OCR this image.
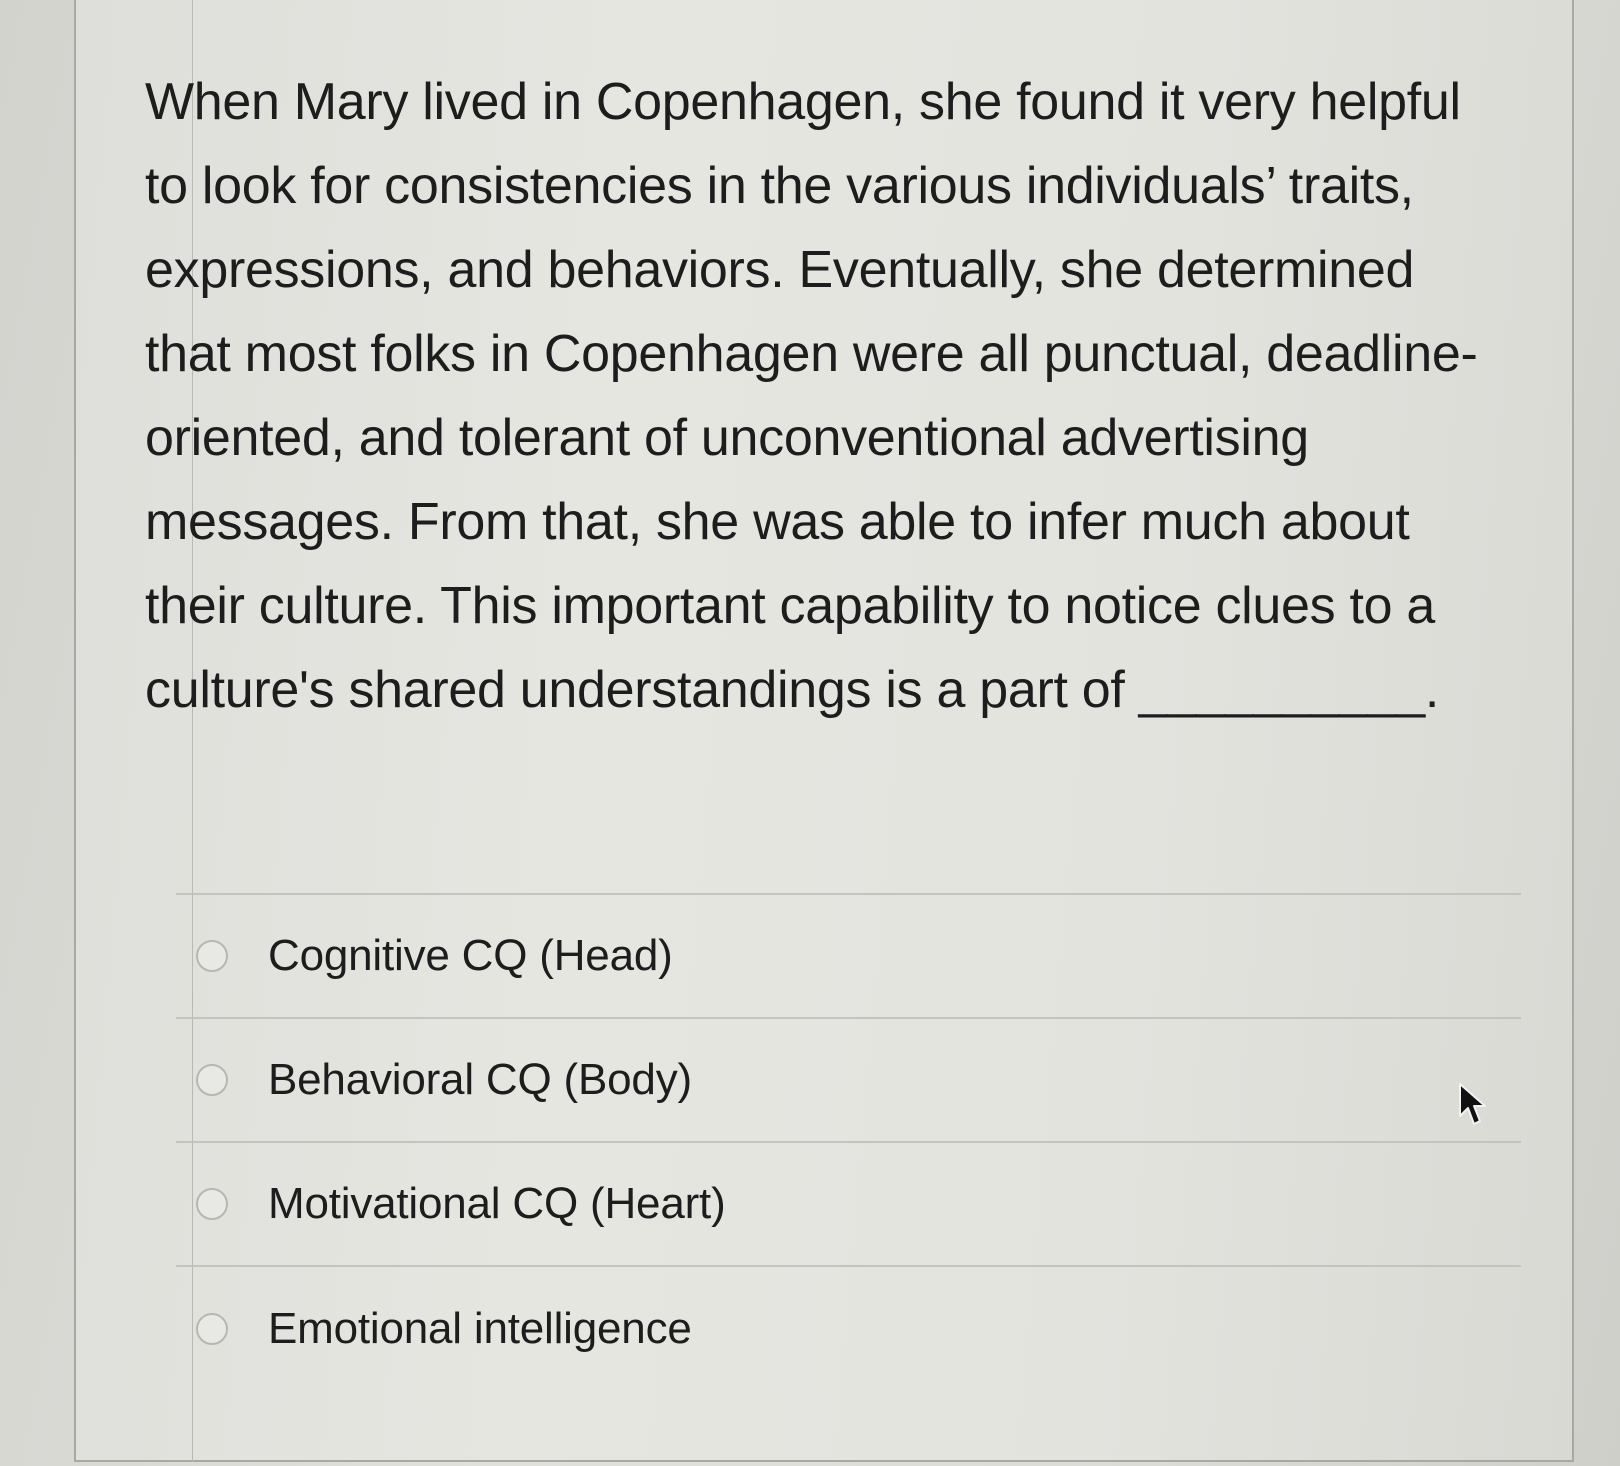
When Mary lived in Copenhagen, she found it very helpful to look for consistencies in the various individuals’ traits, expressions, and behaviors. Eventually, she determined that most folks in Copenhagen were all punctual, deadline-oriented, and tolerant of unconventional advertising messages. From that, she was able to infer much about their culture. This important capability to notice clues to a culture's shared understandings is a part of __________.

Cognitive CQ (Head)
Behavioral CQ (Body)
Motivational CQ (Heart)
Emotional intelligence
